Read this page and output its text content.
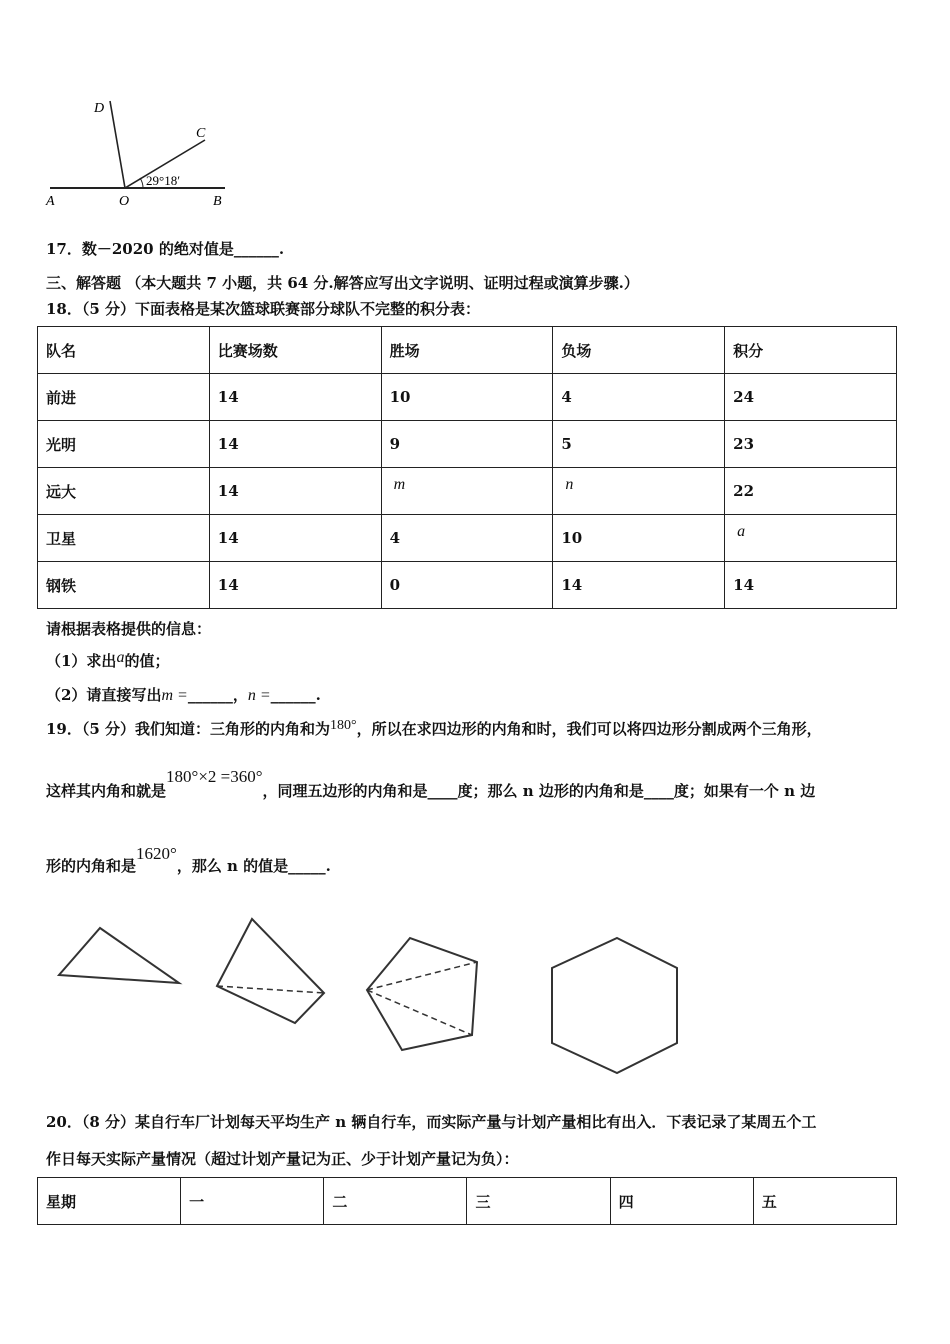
A	O	B
C
D
29°18′
17．数－2020 的绝对值是______.
三、解答题 （本大题共 7 小题，共 64 分.解答应写出文字说明、证明过程或演算步骤.）
18．（5 分）下面表格是某次篮球联赛部分球队不完整的积分表：
队名	比赛场数	胜场	负场	积分
前进	14	10	4	24
光明	14	9	5	23
远大	14	m	n	22
卫星	14	4	10	a
钢铁	14	0	14	14
请根据表格提供的信息：
（1）求出a的值；
（2）请直接写出m =______，n =______.
19．（5 分）我们知道：三角形的内角和为180°，所以在求四边形的内角和时，我们可以将四边形分割成两个三角形，
这样其内角和就是180°×2 =360°，同理五边形的内角和是____度；那么 n 边形的内角和是____度；如果有一个 n 边
形的内角和是1620°，那么 n 的值是_____.
20．（8 分）某自行车厂计划每天平均生产 n 辆自行车，而实际产量与计划产量相比有出入．下表记录了某周五个工
作日每天实际产量情况（超过计划产量记为正、少于计划产量记为负）：
星期	一	二	三	四	五
